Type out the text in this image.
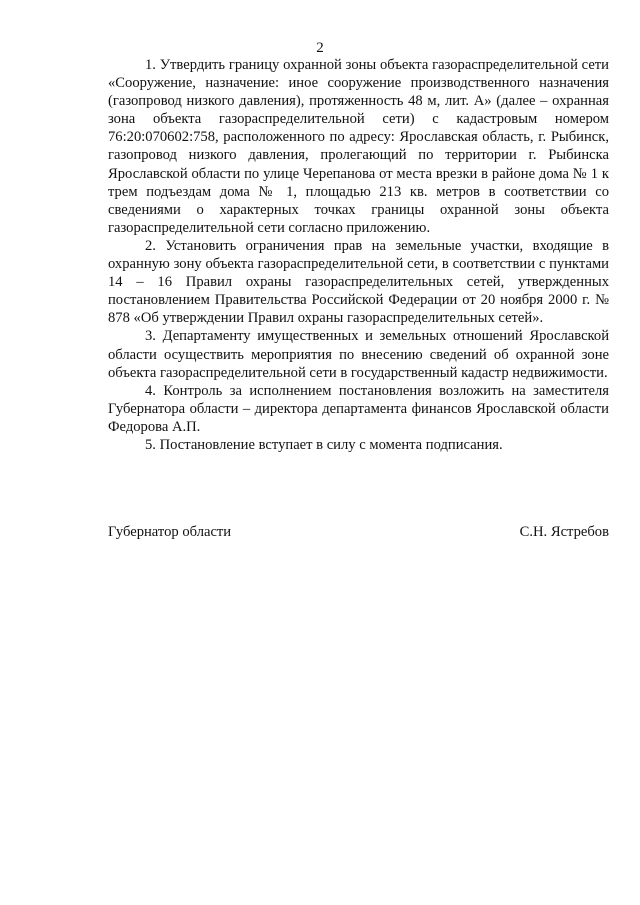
2

1. Утвердить границу охранной зоны объекта газораспределительной сети «Сооружение, назначение: иное сооружение производственного назначения (газопровод низкого давления), протяженность 48 м, лит. А» (далее – охранная зона объекта газораспределительной сети) с кадастровым номером 76:20:070602:758, расположенного по адресу: Ярославская область, г. Рыбинск, газопровод низкого давления, пролегающий по территории г. Рыбинска Ярославской области по улице Черепанова от места врезки в районе дома № 1 к трем подъездам дома № 1, площадью 213 кв. метров в соответствии со сведениями о характерных точках границы охранной зоны объекта газораспределительной сети согласно приложению.

2. Установить ограничения прав на земельные участки, входящие в охранную зону объекта газораспределительной сети, в соответствии с пунктами 14 – 16 Правил охраны газораспределительных сетей, утвержденных постановлением Правительства Российской Федерации от 20 ноября 2000 г. № 878 «Об утверждении Правил охраны газораспределительных сетей».

3. Департаменту имущественных и земельных отношений Ярославской области осуществить мероприятия по внесению сведений об охранной зоне объекта газораспределительной сети в государственный кадастр недвижимости.

4. Контроль за исполнением постановления возложить на заместителя Губернатора области – директора департамента финансов Ярославской области Федорова А.П.

5. Постановление вступает в силу с момента подписания.

Губернатор области	С.Н. Ястребов
